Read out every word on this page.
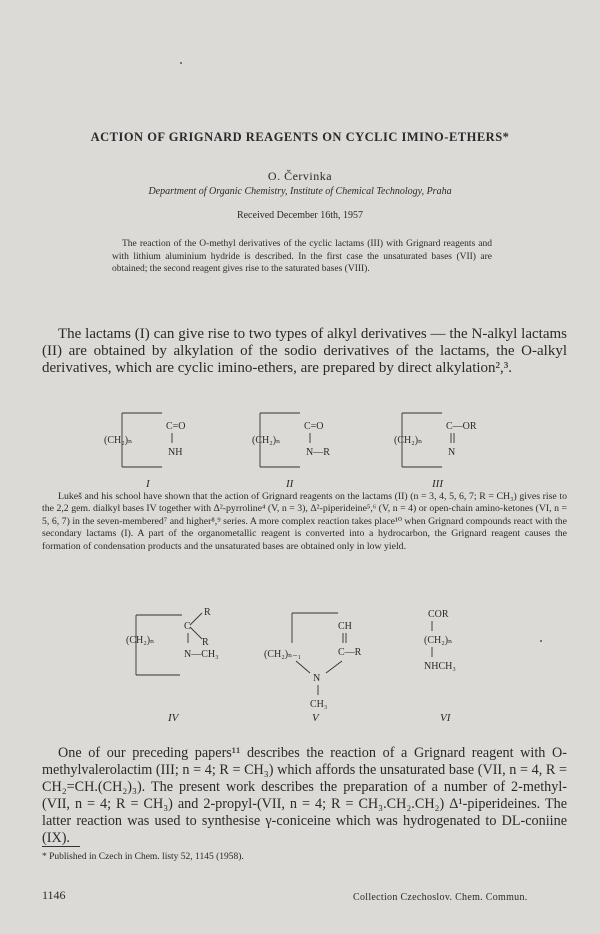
ACTION OF GRIGNARD REAGENTS ON CYCLIC IMINO-ETHERS*
O. Červinka
Department of Organic Chemistry, Institute of Chemical Technology, Praha
Received December 16th, 1957
The reaction of the O-methyl derivatives of the cyclic lactams (III) with Grignard reagents and with lithium aluminium hydride is described. In the first case the unsaturated bases (VII) are obtained; the second reagent gives rise to the saturated bases (VIII).
The lactams (I) can give rise to two types of alkyl derivatives — the N-alkyl lactams (II) are obtained by alkylation of the sodio derivatives of the lactams, the O-alkyl derivatives, which are cyclic imino-ethers, are prepared by direct alkylation²,³.
(CH₂)ₙ
C=O
NH
I
(CH₂)ₙ
C=O
N—R
II
(CH₂)ₙ
C—OR
N
III
Lukeš and his school have shown that the action of Grignard reagents on the lactams (II) (n = 3, 4, 5, 6, 7; R = CH₃) gives rise to the 2,2 gem. dialkyl bases IV together with Δ²-pyrroline⁴ (V, n = 3), Δ²-piperideine⁵,⁶ (V, n = 4) or open-chain amino-ketones (VI, n = 5, 6, 7) in the seven-membered⁷ and higher⁸,⁹ series. A more complex reaction takes place¹⁰ when Grignard compounds react with the secondary lactams (I). A part of the organometallic reagent is converted into a hydrocarbon, the Grignard reagent causes the formation of condensation products and the unsaturated bases are obtained only in low yield.
R
C
R
(CH₂)ₙ
N—CH₃
IV
CH
(CH₂)ₙ₋₁	C—R
N
CH₃
V
COR
(CH₂)ₙ
NHCH₃
VI
One of our preceding papers¹¹ describes the reaction of a Grignard reagent with O-methylvalerolactim (III; n = 4; R = CH₃) which affords the unsaturated base (VII, n = 4, R = CH₂=CH.(CH₂)₃). The present work describes the preparation of a number of 2-methyl-(VII, n = 4; R = CH₃) and 2-propyl-(VII, n = 4; R = CH₃.CH₂.CH₂) Δ¹-piperideines. The latter reaction was used to synthesise γ-coniceine which was hydrogenated to DL-coniine (IX).
* Published in Czech in Chem. listy 52, 1145 (1958).
1146	Collection Czechoslov. Chem. Commun.
